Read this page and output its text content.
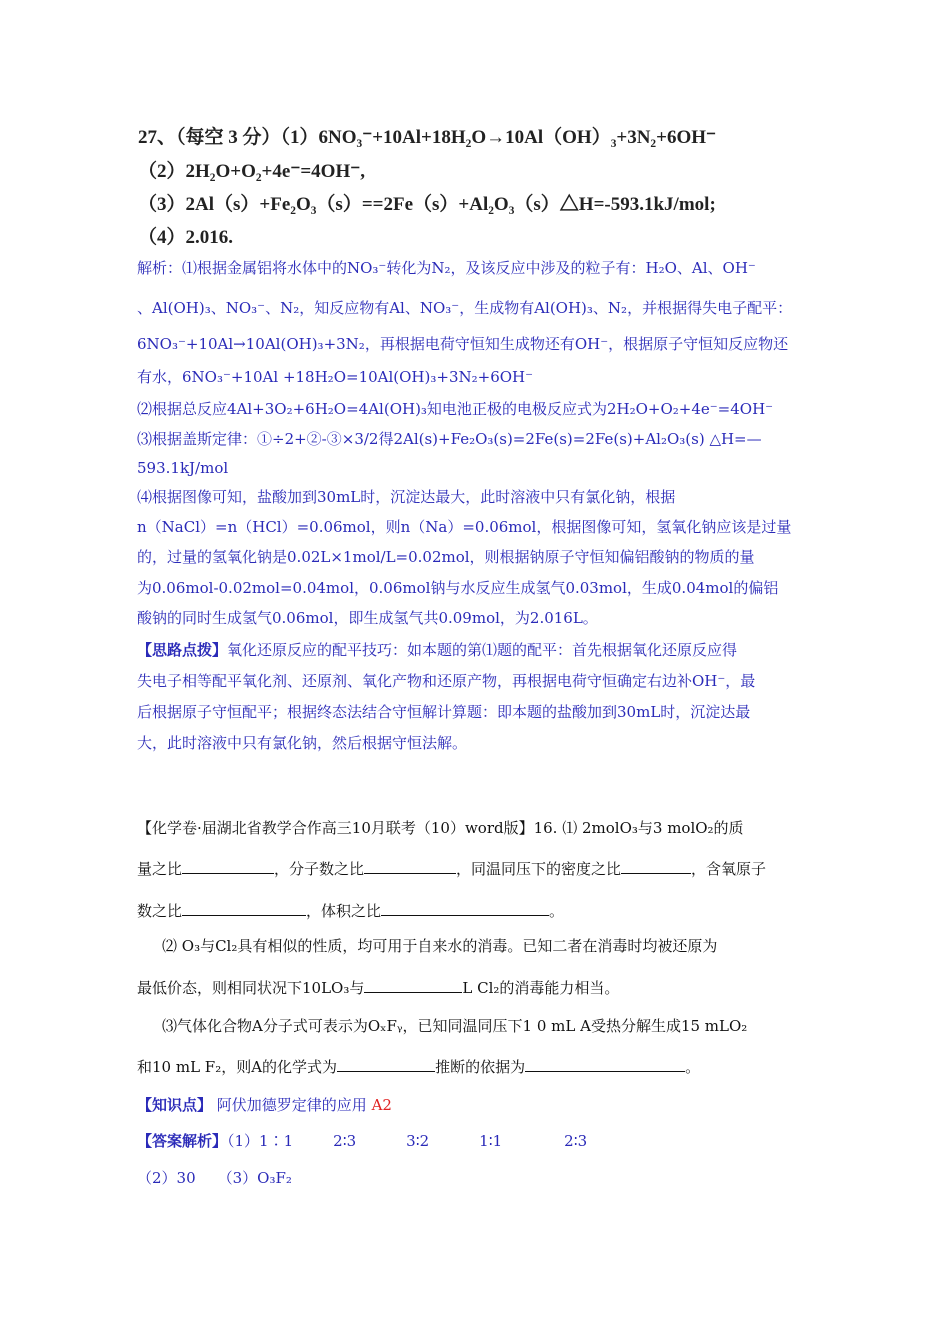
27、（每空 3 分）（1）6NO₃⁻+10Al+18H₂O→10Al（OH）₃+3N₂+6OH⁻
（2）2H₂O+O₂+4e⁻=4OH⁻,
（3）2Al（s）+Fe₂O₃（s）==2Fe（s）+Al₂O₃（s）△H=-593.1kJ/mol;
（4）2.016.
解析：⑴根据金属铝将水体中的NO₃⁻转化为N₂，及该反应中涉及的粒子有：H₂O、Al、OH⁻
、Al(OH)₃、NO₃⁻、N₂，知反应物有Al、NO₃⁻，生成物有Al(OH)₃、N₂，并根据得失电子配平：
6NO₃⁻+10Al→10Al(OH)₃+3N₂，再根据电荷守恒知生成物还有OH⁻，根据原子守恒知反应物还
有水，6NO₃⁻+10Al +18H₂O=10Al(OH)₃+3N₂+6OH⁻
⑵根据总反应4Al+3O₂+6H₂O=4Al(OH)₃知电池正极的电极反应式为2H₂O+O₂+4e⁻=4OH⁻
⑶根据盖斯定律：①÷2+②-③×3/2得2Al(s)+Fe₂O₃(s)=2Fe(s)=2Fe(s)+Al₂O₃(s) △H=—
593.1kJ/mol
⑷根据图像可知，盐酸加到30mL时，沉淀达最大，此时溶液中只有氯化钠，根据
n（NaCl）=n（HCl）=0.06mol，则n（Na）=0.06mol，根据图像可知，氢氧化钠应该是过量
的，过量的氢氧化钠是0.02L×1mol/L=0.02mol，则根据钠原子守恒知偏铝酸钠的物质的量
为0.06mol-0.02mol=0.04mol，0.06mol钠与水反应生成氢气0.03mol，生成0.04mol的偏铝
酸钠的同时生成氢气0.06mol，即生成氢气共0.09mol，为2.016L。
【思路点拨】氧化还原反应的配平技巧：如本题的第⑴题的配平：首先根据氧化还原反应得
失电子相等配平氧化剂、还原剂、氧化产物和还原产物，再根据电荷守恒确定右边补OH⁻，最
后根据原子守恒配平；根据终态法结合守恒解计算题：即本题的盐酸加到30mL时，沉淀达最
大，此时溶液中只有氯化钠，然后根据守恒法解。
【化学卷·届湖北省教学合作高三10月联考（10）word版】16. ⑴ 2molO₃与3 molO₂的质
量之比	，分子数之比	，同温同压下的密度之比	，含氧原子
数之比	，体积之比	。
⑵ O₃与Cl₂具有相似的性质，均可用于自来水的消毒。已知二者在消毒时均被还原为
最低价态，则相同状况下10LO₃与	L Cl₂的消毒能力相当。
⑶气体化合物A分子式可表示为OₓFᵧ，已知同温同压下1 0 mL A受热分解生成15 mLO₂
和10 mL F₂，则A的化学式为	推断的依据为	。
【知识点】 阿伏加德罗定律的应用 A2
【答案解析】（1）1∶1	2∶3	3∶2	1∶1	2∶3
（2）30 （3）O₃F₂
